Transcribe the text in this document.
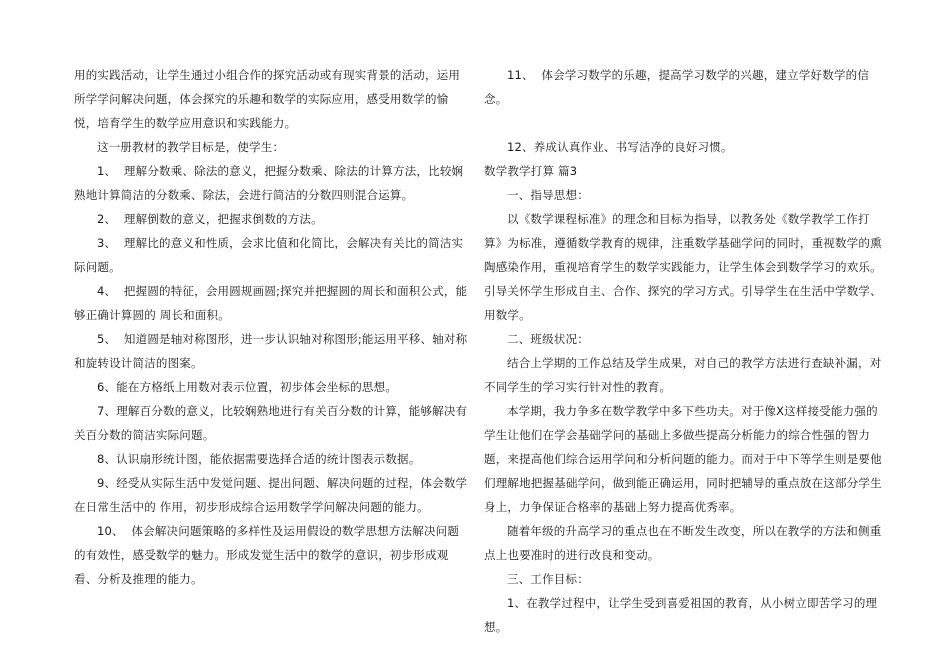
用的实践活动，让学生通过小组合作的探究活动或有现实背景的活动，运用所学学问解决问题，体会探究的乐趣和数学的实际应用，感受用数学的愉悦，培育学生的数学应用意识和实践能力。

这一册教材的教学目标是，使学生：

1、  理解分数乘、除法的意义，把握分数乘、除法的计算方法，比较娴熟地计算简洁的分数乘、除法，会进行简洁的分数四则混合运算。

2、  理解倒数的意义，把握求倒数的方法。

3、  理解比的意义和性质，会求比值和化简比，会解决有关比的简洁实际问题。

4、  把握圆的特征，会用圆规画圆;探究并把握圆的周长和面积公式，能够正确计算圆的 周长和面积。

5、  知道圆是轴对称图形，进一步认识轴对称图形;能运用平移、轴对称和旋转设计简洁的图案。

6、能在方格纸上用数对表示位置，初步体会坐标的思想。

7、理解百分数的意义，比较娴熟地进行有关百分数的计算，能够解决有关百分数的简洁实际问题。

8、认识扇形统计图，能依据需要选择合适的统计图表示数据。

9、经受从实际生活中发觉问题、提出问题、解决问题的过程，体会数学在日常生活中的 作用，初步形成综合运用数学学问解决问题的能力。

10、  体会解决问题策略的多样性及运用假设的数学思想方法解决问题的有效性，感受数学的魅力。形成发觉生活中的数学的意识，初步形成观看、分析及推理的能力。

11、  体会学习数学的乐趣，提高学习数学的兴趣，建立学好数学的信念。

12、养成认真作业、书写洁净的良好习惯。

数学教学打算 篇3

一、指导思想：

以《数学课程标准》的理念和目标为指导，以教务处《数学教学工作打算》为标准，遵循数学教育的规律，注重数学基础学问的同时，重视数学的熏陶感染作用，重视培育学生的数学实践能力，让学生体会到数学学习的欢乐。引导关怀学生形成自主、合作、探究的学习方式。引导学生在生活中学数学、用数学。

二、班级状况：

结合上学期的工作总结及学生成果，对自己的教学方法进行查缺补漏，对不同学生的学习实行针对性的教育。

本学期，我力争多在数学教学中多下些功夫。对于像X这样接受能力强的学生让他们在学会基础学问的基础上多做些提高分析能力的综合性强的智力题，来提高他们综合运用学问和分析问题的能力。而对于中下等学生则是要他们理解地把握基础学问，做到能正确运用，同时把辅导的重点放在这部分学生身上，力争保证合格率的基础上努力提高优秀率。

随着年级的升高学习的重点也在不断发生改变，所以在教学的方法和侧重点上也要准时的进行改良和变动。

三、工作目标：

1、在教学过程中，让学生受到喜爱祖国的教育，从小树立即苦学习的理想。
